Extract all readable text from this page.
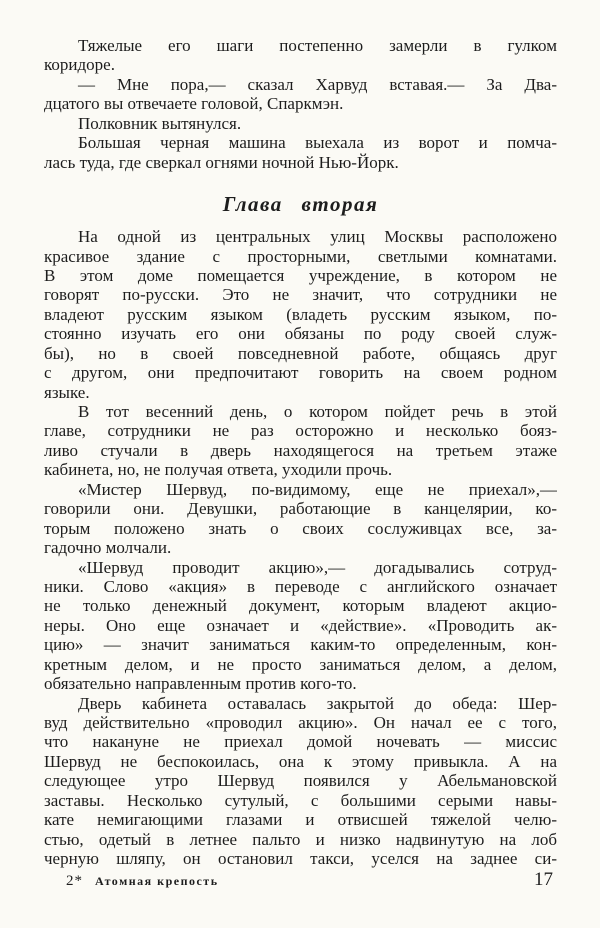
Тяжелые его шаги постепенно замерли в гулком
коридоре.
— Мне пора,— сказал Харвуд вставая.— За Два-
дцатого вы отвечаете головой, Спаркмэн.
Полковник вытянулся.
Большая черная машина выехала из ворот и помча-
лась туда, где сверкал огнями ночной Нью-Йорк.
Глава вторая
На одной из центральных улиц Москвы расположено
красивое здание с просторными, светлыми комнатами.
В этом доме помещается учреждение, в котором не
говорят по-русски. Это не значит, что сотрудники не
владеют русским языком (владеть русским языком, по-
стоянно изучать его они обязаны по роду своей служ-
бы), но в своей повседневной работе, общаясь друг
с другом, они предпочитают говорить на своем родном
языке.
В тот весенний день, о котором пойдет речь в этой
главе, сотрудники не раз осторожно и несколько бояз-
ливо стучали в дверь находящегося на третьем этаже
кабинета, но, не получая ответа, уходили прочь.
«Мистер Шервуд, по-видимому, еще не приехал»,—
говорили они. Девушки, работающие в канцелярии, ко-
торым положено знать о своих сослуживцах все, за-
гадочно молчали.
«Шервуд проводит акцию»,— догадывались сотруд-
ники. Слово «акция» в переводе с английского означает
не только денежный документ, которым владеют акцио-
неры. Оно еще означает и «действие». «Проводить ак-
цию» — значит заниматься каким-то определенным, кон-
кретным делом, и не просто заниматься делом, а делом,
обязательно направленным против кого-то.
Дверь кабинета оставалась закрытой до обеда: Шер-
вуд действительно «проводил акцию». Он начал ее с того,
что накануне не приехал домой ночевать — миссис
Шервуд не беспокоилась, она к этому привыкла. А на
следующее утро Шервуд появился у Абельмановской
заставы. Несколько сутулый, с большими серыми навы-
кате немигающими глазами и отвисшей тяжелой челю-
стью, одетый в летнее пальто и низко надвинутую на лоб
черную шляпу, он остановил такси, уселся на заднее си-
2* Атомная крепость	17
